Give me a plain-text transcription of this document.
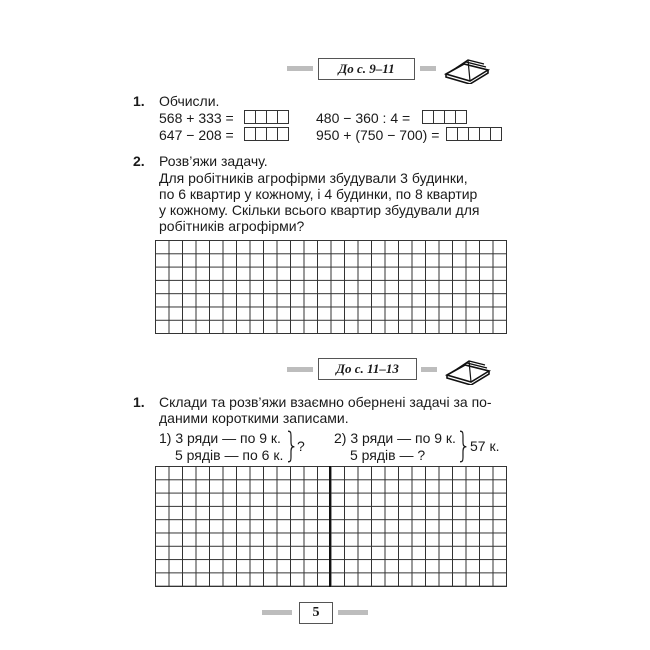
До с. 9–11
1. Обчисли.
568 + 333 =
647 − 208 =
480 − 360 : 4 =
950 + (750 − 700) =
2. Розв’яжи задачу.
Для робітників агрофірми збудували 3 будинки,
по 6 квартир у кожному, і 4 будинки, по 8 квартир
у кожному. Скільки всього квартир збудували для
робітників агрофірми?
До с. 11–13
1. Склади та розв’яжи взаємно обернені задачі за по-
даними короткими записами.
1) 3 ряди — по 9 к.
5 рядів — по 6 к. }
? 2) 3 ряди — по 9 к.
5 рядів — ? }
57 к.
5
